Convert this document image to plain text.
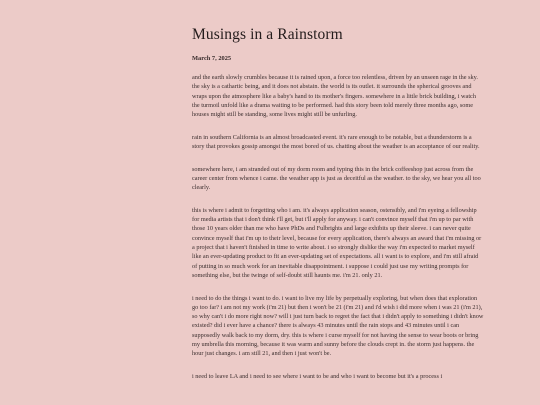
Musings in a Rainstorm
March 7, 2025

and the earth slowly crumbles because it is rained upon, a force too relentless, driven by an unseen rage in the sky. the sky is a cathartic being, and it does not abstain. the world is its outlet. it surrounds the spherical grooves and wraps upon the atmosphere like a baby's hand to its mother's fingers. somewhere in a little brick building, i watch the turmoil unfold like a drama waiting to be performed. had this story been told merely three months ago, some houses might still be standing, some lives might still be unfurling.

rain in southern California is an almost broadcasted event. it's rare enough to be notable, but a thunderstorm is a story that provokes gossip amongst the most bored of us. chatting about the weather is an acceptance of our reality.

somewhere here, i am stranded out of my dorm room and typing this in the brick coffeeshop just across from the career center from whence i came. the weather app is just as deceitful as the weather. to the sky, we hear you all too clearly.

this is where i admit to forgetting who i am. it's always application season, ostensibly, and i'm eyeing a fellowship for media artists that i don't think i'll get, but i'll apply for anyway. i can't convince myself that i'm up to par with those 10 years older than me who have PhDs and Fulbrights and large exhibits up their sleeve. i can never quite convince myself that i'm up to their level, because for every application, there's always an award that i'm missing or a project that i haven't finished in time to write about. i so strongly dislike the way i'm expected to market myself like an ever-updating product to fit an ever-updating set of expectations. all i want is to explore, and i'm still afraid of putting in so much work for an inevitable disappointment. i suppose i could just use my writing prompts for something else, but the twinge of self-doubt still haunts me. i'm 21. only 21.

i need to do the things i want to do. i want to live my life by perpetually exploring, but when does that exploration go too far? i am not my work (i'm 21) but then i won't be 21 (i'm 21) and i'd wish i did more when i was 21 (i'm 21), so why can't i do more right now? will i just turn back to regret the fact that i didn't apply to something i didn't know existed? did i ever have a chance? there is always 43 minutes until the rain stops and 43 minutes until i can supposedly walk back to my dorm, dry. this is where i curse myself for not having the sense to wear boots or bring my umbrella this morning, because it was warm and sunny before the clouds crept in. the storm just happens. the hour just changes. i am still 21, and then i just won't be.

i need to leave LA and i need to see where i want to be and who i want to become but it's a process i
